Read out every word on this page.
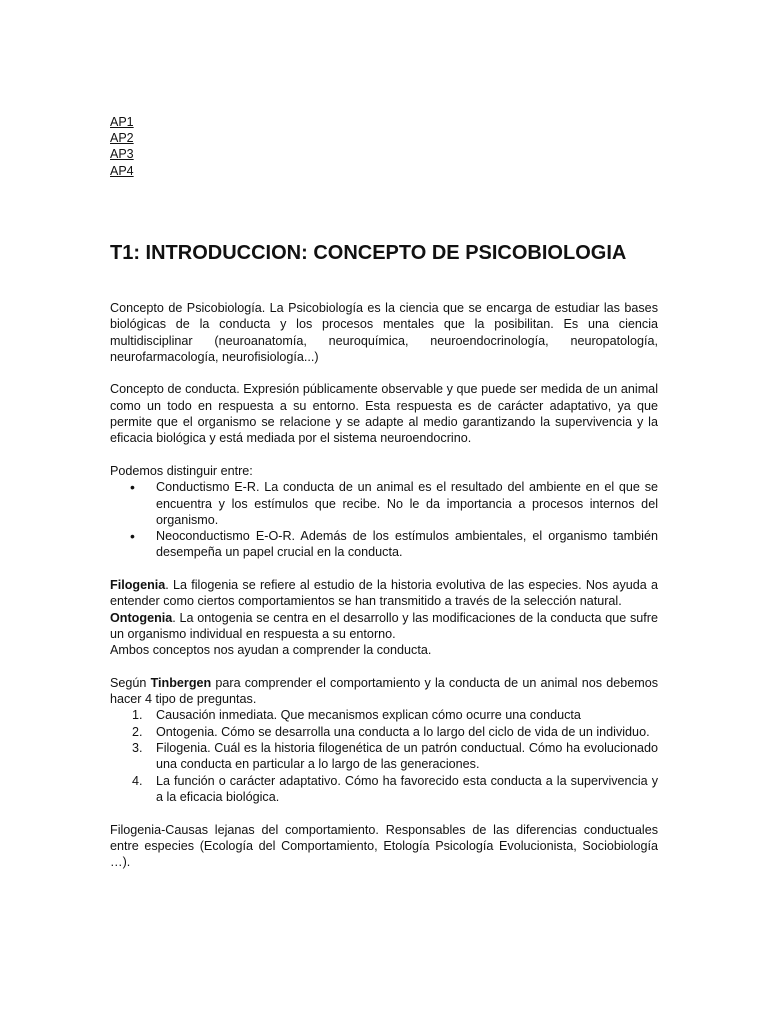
AP1
AP2
AP3
AP4
T1: INTRODUCCION: CONCEPTO DE PSICOBIOLOGIA

Concepto de Psicobiología. La Psicobiología es la ciencia que se encarga de estudiar las bases biológicas de la conducta y los procesos mentales que la posibilitan. Es una ciencia multidisciplinar (neuroanatomía, neuroquímica, neuroendocrinología, neuropatología, neurofarmacología, neurofisiología...)

Concepto de conducta. Expresión públicamente observable y que puede ser medida de un animal como un todo en respuesta a su entorno. Esta respuesta es de carácter adaptativo, ya que permite que el organismo se relacione y se adapte al medio garantizando la supervivencia y la eficacia biológica y está mediada por el sistema neuroendocrino.

Podemos distinguir entre:

• Conductismo E-R. La conducta de un animal es el resultado del ambiente en el que se encuentra y los estímulos que recibe. No le da importancia a procesos internos del organismo.
• Neoconductismo E-O-R. Además de los estímulos ambientales, el organismo también desempeña un papel crucial en la conducta.

Filogenia. La filogenia se refiere al estudio de la historia evolutiva de las especies. Nos ayuda a entender como ciertos comportamientos se han transmitido a través de la selección natural.

Ontogenia. La ontogenia se centra en el desarrollo y las modificaciones de la conducta que sufre un organismo individual en respuesta a su entorno.

Ambos conceptos nos ayudan a comprender la conducta.

Según Tinbergen para comprender el comportamiento y la conducta de un animal nos debemos hacer 4 tipo de preguntas.

1. Causación inmediata. Que mecanismos explican cómo ocurre una conducta
2. Ontogenia. Cómo se desarrolla una conducta a lo largo del ciclo de vida de un individuo.
3. Filogenia. Cuál es la historia filogenética de un patrón conductual. Cómo ha evolucionado una conducta en particular a lo largo de las generaciones.
4. La función o carácter adaptativo. Cómo ha favorecido esta conducta a la supervivencia y a la eficacia biológica.

Filogenia-Causas lejanas del comportamiento. Responsables de las diferencias conductuales entre especies (Ecología del Comportamiento, Etología Psicología Evolucionista, Sociobiología …).
